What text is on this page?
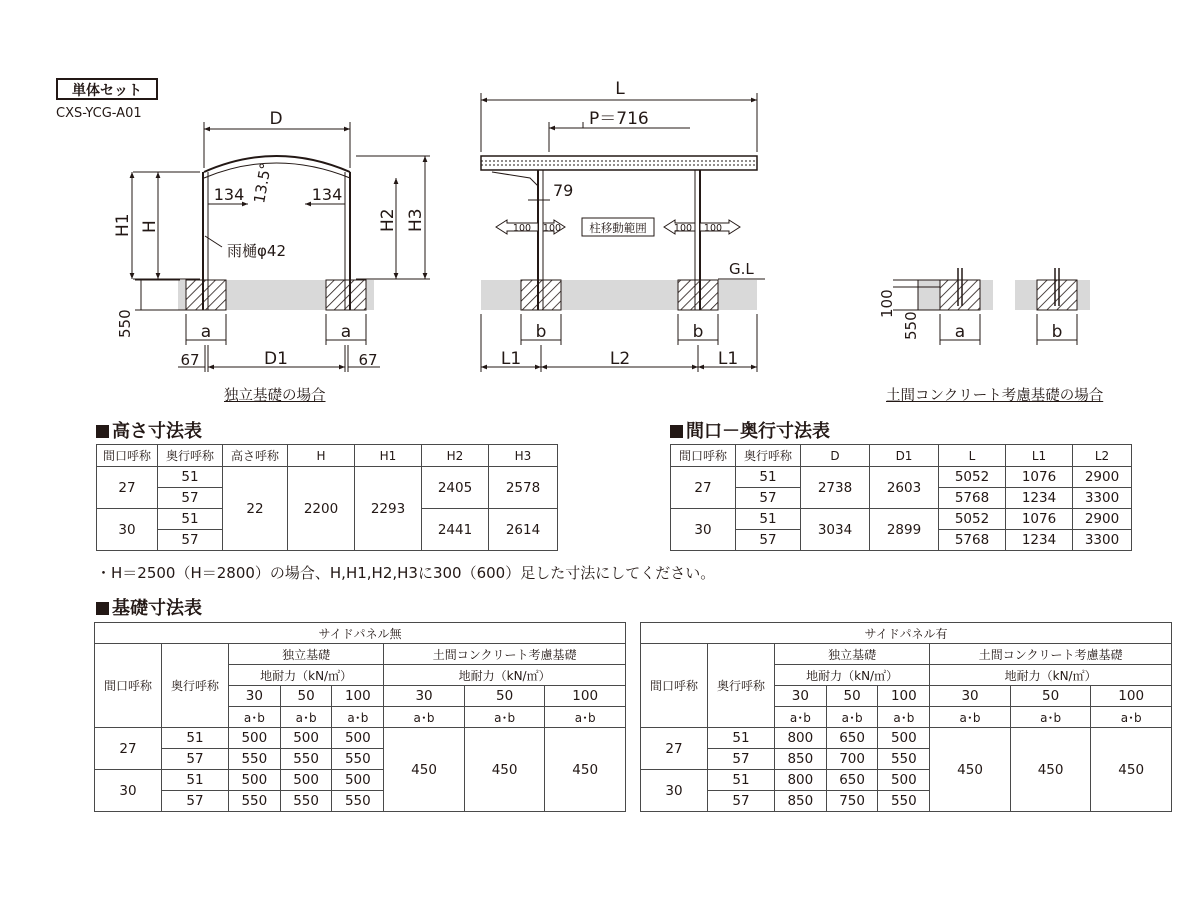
単体セット
CXS-YCG-A01	D
134	134
13.5°
雨樋φ42
H1 H	H2 H3
550	a	a
67	D1	67
L
P＝716
79
100 100 柱移動範囲	100 100
G.L
b	b
L1	L2	L1
100
550 a	b
独立基礎の場合	土間コンクリート考慮基礎の場合
高さ寸法表
間口呼称	奥行呼称	高さ呼称	H	H1	H2	H3
27	51	22	2200	2293	2405	2578
	57					
30	51				2441	2614
	57					
間口－奥行寸法表
間口呼称	奥行呼称	D	D1	L	L1	L2
27	51	2738	2603	5052	1076	2900
	57			5768	1234	3300
30	51	3034	2899	5052	1076	2900
	57			5768	1234	3300
・H＝2500（H＝2800）の場合、H,H1,H2,H3に300（600）足した寸法にしてください。
基礎寸法表
サイドパネル無							
間口呼称	奥行呼称	独立基礎			土間コンクリート考慮基礎		
		地耐力（kN/㎡）			地耐力（kN/㎡）		
		30	50	100	30	50	100
		a･b	a･b	a･b	a･b	a･b	a･b
27	51	500	500	500	450	450	450
	57	550	550	550			
30	51	500	500	500			
	57	550	550	550			
サイドパネル有							
間口呼称	奥行呼称	独立基礎			土間コンクリート考慮基礎		
		地耐力（kN/㎡）			地耐力（kN/㎡）		
		30	50	100	30	50	100
		a･b	a･b	a･b	a･b	a･b	a･b
27	51	800	650	500	450	450	450
	57	850	700	550			
30	51	800	650	500			
	57	850	750	550			
